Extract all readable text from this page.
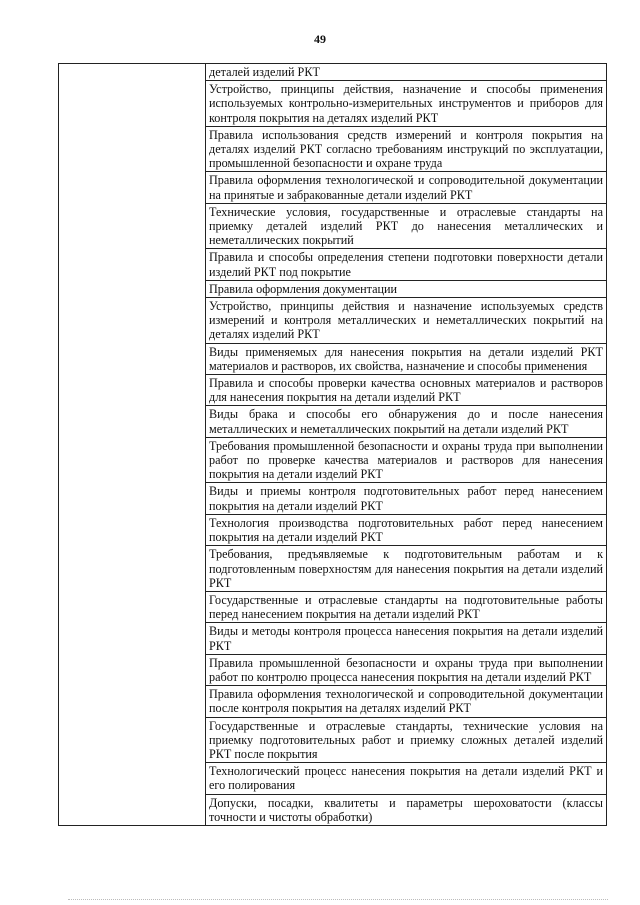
49
	деталей изделий РКТ
Устройство, принципы действия, назначение и способы применения используемых контрольно-измерительных инструментов и приборов для контроля покрытия на деталях изделий РКТ
Правила использования средств измерений и контроля покрытия на деталях изделий РКТ согласно требованиям инструкций по эксплуатации, промышленной безопасности и охране труда
Правила оформления технологической и сопроводительной документации на принятые и забракованные детали изделий РКТ
Технические условия, государственные и отраслевые стандарты на приемку деталей изделий РКТ до нанесения металлических и неметаллических покрытий
Правила и способы определения степени подготовки поверхности детали изделий РКТ под покрытие
Правила оформления документации
Устройство, принципы действия и назначение используемых средств измерений и контроля металлических и неметаллических покрытий на деталях изделий РКТ
Виды применяемых для нанесения покрытия на детали изделий РКТ материалов и растворов, их свойства, назначение и способы применения
Правила и способы проверки качества основных материалов и растворов для нанесения покрытия на детали изделий РКТ
Виды брака и способы его обнаружения до и после нанесения металлических и неметаллических покрытий на детали изделий РКТ
Требования промышленной безопасности и охраны труда при выполнении работ по проверке качества материалов и растворов для нанесения покрытия на детали изделий РКТ
Виды и приемы контроля подготовительных работ перед нанесением покрытия на детали изделий РКТ
Технология производства подготовительных работ перед нанесением покрытия на детали изделий РКТ
Требования, предъявляемые к подготовительным работам и к подготовленным поверхностям для нанесения покрытия на детали изделий РКТ
Государственные и отраслевые стандарты на подготовительные работы перед нанесением покрытия на детали изделий РКТ
Виды и методы контроля процесса нанесения покрытия на детали изделий РКТ
Правила промышленной безопасности и охраны труда при выполнении работ по контролю процесса нанесения покрытия на детали изделий РКТ
Правила оформления технологической и сопроводительной документации после контроля покрытия на деталях изделий РКТ
Государственные и отраслевые стандарты, технические условия на приемку подготовительных работ и приемку сложных деталей изделий РКТ после покрытия
Технологический процесс нанесения покрытия на детали изделий РКТ и его полирования
Допуски, посадки, квалитеты и параметры шероховатости (классы точности и чистоты обработки)
